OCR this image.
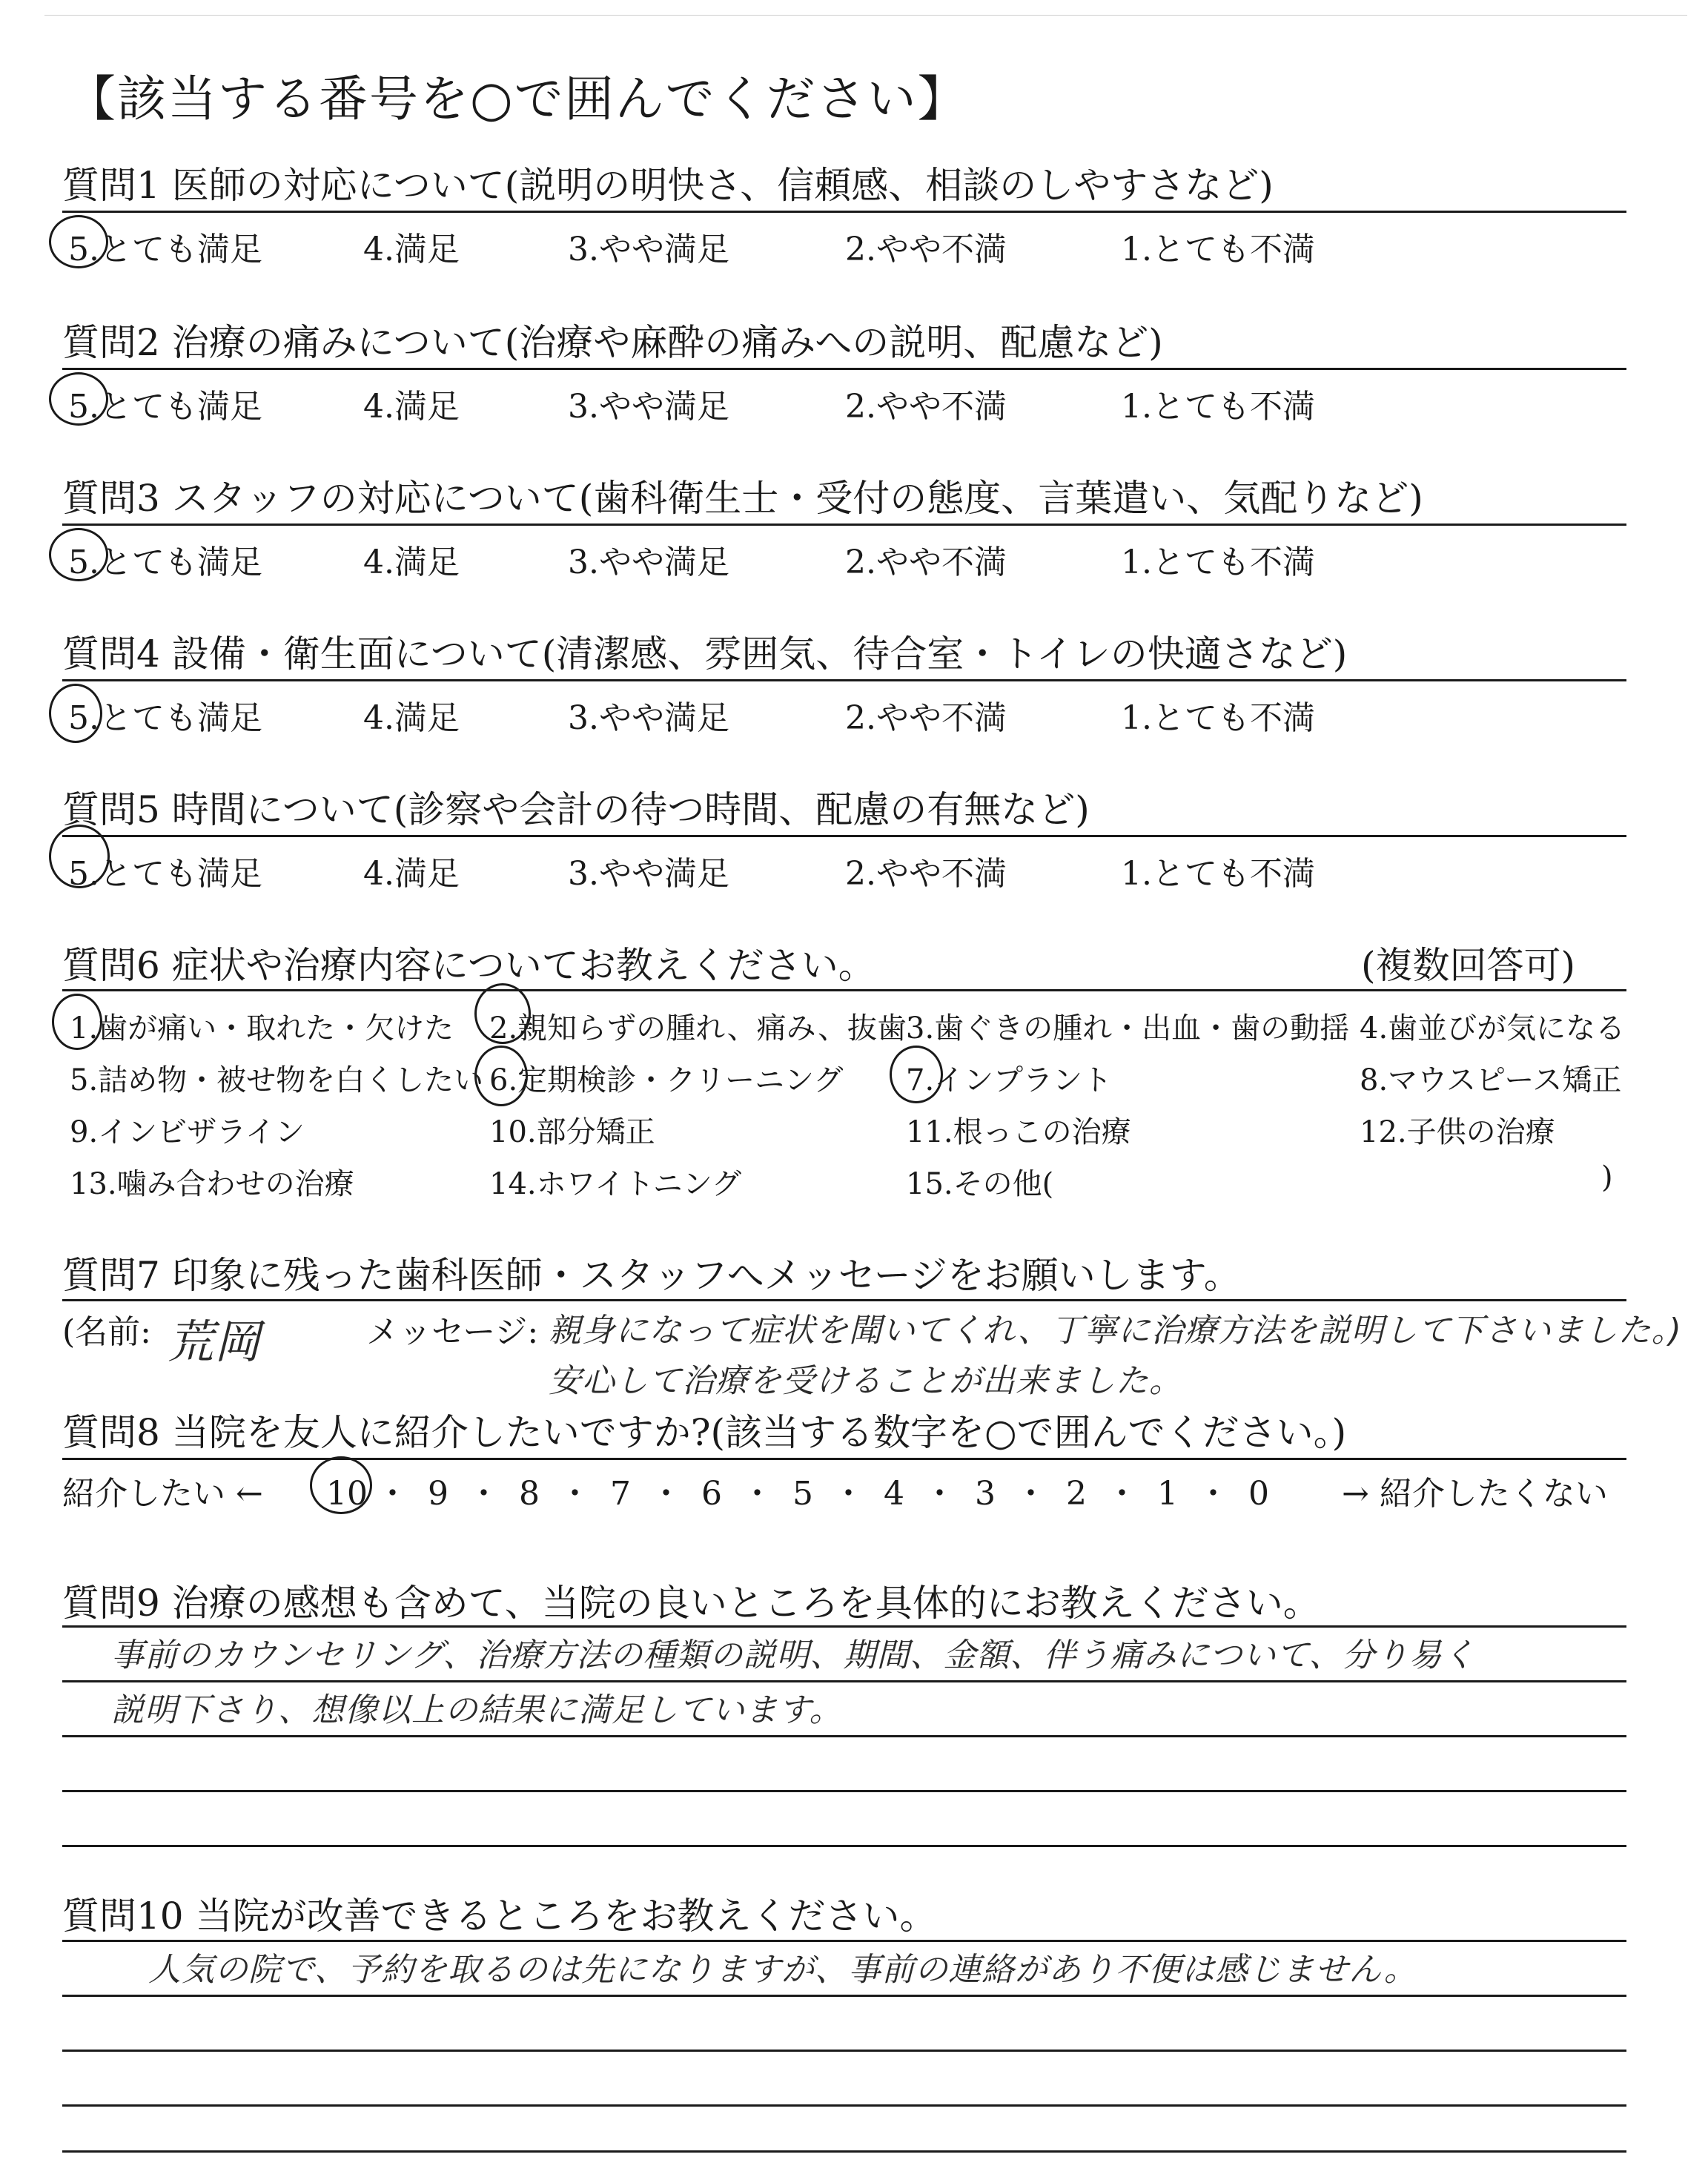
【該当する番号を○で囲んでください】
質問1 医師の対応について(説明の明快さ、信頼感、相談のしやすさなど)
5.とても満足	4.満足	3.やや満足	2.やや不満	1.とても不満
質問2 治療の痛みについて(治療や麻酔の痛みへの説明、配慮など)
5.とても満足	4.満足	3.やや満足	2.やや不満	1.とても不満
質問3 スタッフの対応について(歯科衛生士・受付の態度、言葉遣い、気配りなど)
5.とても満足	4.満足	3.やや満足	2.やや不満	1.とても不満
質問4 設備・衛生面について(清潔感、雰囲気、待合室・トイレの快適さなど)
5.とても満足	4.満足	3.やや満足	2.やや不満	1.とても不満
質問5 時間について(診察や会計の待つ時間、配慮の有無など)
5.とても満足	4.満足	3.やや満足	2.やや不満	1.とても不満
質問6 症状や治療内容についてお教えください。	(複数回答可)
1.歯が痛い・取れた・欠けた 2.親知らずの腫れ、痛み、抜歯 3.歯ぐきの腫れ・出血・歯の動揺 4.歯並びが気になる
5.詰め物・被せ物を白くしたい 6.定期検診・クリーニング 7.インプラント	8.マウスピース矯正
9.インビザライン	10.部分矯正	11.根っこの治療	12.子供の治療
13.噛み合わせの治療	14.ホワイトニング	15.その他(	)
質問7 印象に残った歯科医師・スタッフへメッセージをお願いします。
(名前: 荒岡	メッセージ: 親身になって症状を聞いてくれ、丁寧に治療方法を説明して下さいました。)
安心して治療を受けることが出来ました。
質問8 当院を友人に紹介したいですか?(該当する数字を○で囲んでください。)
紹介したい ← 10 ・ 9 ・ 8 ・ 7 ・ 6 ・ 5 ・ 4 ・ 3 ・ 2 ・ 1 ・ 0	→ 紹介したくない
質問9 治療の感想も含めて、当院の良いところを具体的にお教えください。
事前のカウンセリング、治療方法の種類の説明、期間、金額、伴う痛みについて、分り易く
説明下さり、想像以上の結果に満足しています。
質問10 当院が改善できるところをお教えください。
人気の院で、予約を取るのは先になりますが、事前の連絡があり不便は感じません。
